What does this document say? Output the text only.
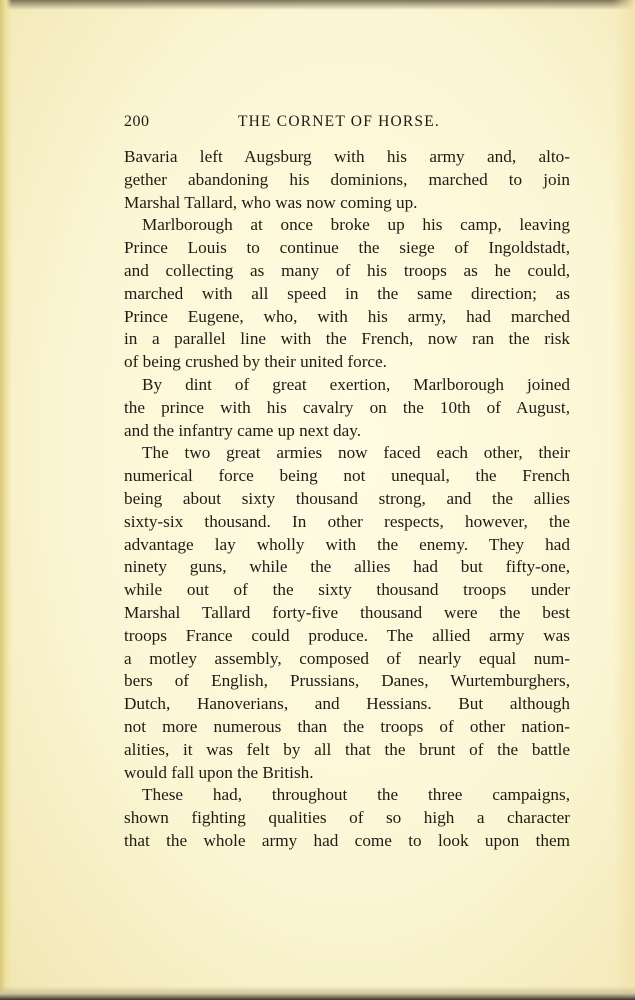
200	THE CORNET OF HORSE.
Bavaria left Augsburg with his army and, alto-
gether abandoning his dominions, marched to join
Marshal Tallard, who was now coming up.
Marlborough at once broke up his camp, leaving
Prince Louis to continue the siege of Ingoldstadt,
and collecting as many of his troops as he could,
marched with all speed in the same direction; as
Prince Eugene, who, with his army, had marched
in a parallel line with the French, now ran the risk
of being crushed by their united force.
By dint of great exertion, Marlborough joined
the prince with his cavalry on the 10th of August,
and the infantry came up next day.
The two great armies now faced each other, their
numerical force being not unequal, the French
being about sixty thousand strong, and the allies
sixty-six thousand. In other respects, however, the
advantage lay wholly with the enemy. They had
ninety guns, while the allies had but fifty-one,
while out of the sixty thousand troops under
Marshal Tallard forty-five thousand were the best
troops France could produce. The allied army was
a motley assembly, composed of nearly equal num-
bers of English, Prussians, Danes, Wurtemburghers,
Dutch, Hanoverians, and Hessians. But although
not more numerous than the troops of other nation-
alities, it was felt by all that the brunt of the battle
would fall upon the British.
These had, throughout the three campaigns,
shown fighting qualities of so high a character
that the whole army had come to look upon them
